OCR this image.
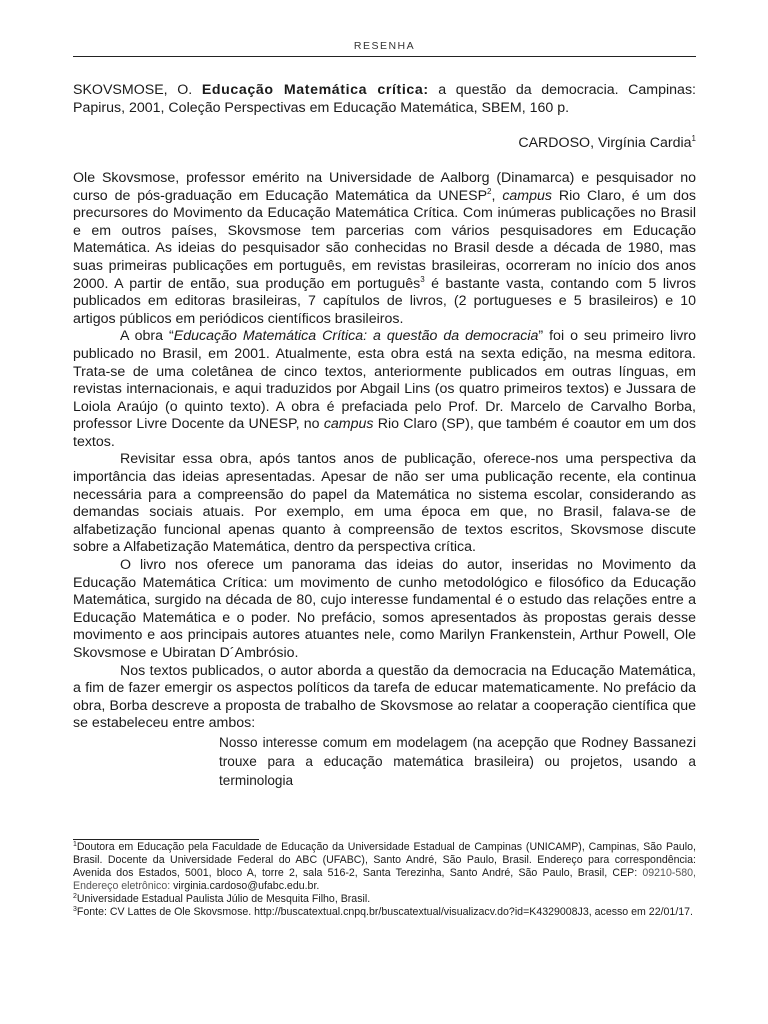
RESENHA

SKOVSMOSE, O. Educação Matemática crítica: a questão da democracia. Campinas: Papirus, 2001, Coleção Perspectivas em Educação Matemática, SBEM, 160 p.

CARDOSO, Virgínia Cardia$^1$

Ole Skovsmose, professor emérito na Universidade de Aalborg (Dinamarca) e pesquisador no curso de pós-graduação em Educação Matemática da UNESP$^2$, campus Rio Claro, é um dos precursores do Movimento da Educação Matemática Crítica. Com inúmeras publicações no Brasil e em outros países, Skovsmose tem parcerias com vários pesquisadores em Educação Matemática. As ideias do pesquisador são conhecidas no Brasil desde a década de 1980, mas suas primeiras publicações em português, em revistas brasileiras, ocorreram no início dos anos 2000. A partir de então, sua produção em português$^3$ é bastante vasta, contando com 5 livros publicados em editoras brasileiras, 7 capítulos de livros, (2 portugueses e 5 brasileiros) e 10 artigos públicos em periódicos científicos brasileiros.

A obra “Educação Matemática Crítica: a questão da democracia” foi o seu primeiro livro publicado no Brasil, em 2001. Atualmente, esta obra está na sexta edição, na mesma editora. Trata-se de uma coletânea de cinco textos, anteriormente publicados em outras línguas, em revistas internacionais, e aqui traduzidos por Abgail Lins (os quatro primeiros textos) e Jussara de Loiola Araújo (o quinto texto). A obra é prefaciada pelo Prof. Dr. Marcelo de Carvalho Borba, professor Livre Docente da UNESP, no campus Rio Claro (SP), que também é coautor em um dos textos.

Revisitar essa obra, após tantos anos de publicação, oferece-nos uma perspectiva da importância das ideias apresentadas. Apesar de não ser uma publicação recente, ela continua necessária para a compreensão do papel da Matemática no sistema escolar, considerando as demandas sociais atuais. Por exemplo, em uma época em que, no Brasil, falava-se de alfabetização funcional apenas quanto à compreensão de textos escritos, Skovsmose discute sobre a Alfabetização Matemática, dentro da perspectiva crítica.

O livro nos oferece um panorama das ideias do autor, inseridas no Movimento da Educação Matemática Crítica: um movimento de cunho metodológico e filosófico da Educação Matemática, surgido na década de 80, cujo interesse fundamental é o estudo das relações entre a Educação Matemática e o poder. No prefácio, somos apresentados às propostas gerais desse movimento e aos principais autores atuantes nele, como Marilyn Frankenstein, Arthur Powell, Ole Skovsmose e Ubiratan D´Ambrósio.

Nos textos publicados, o autor aborda a questão da democracia na Educação Matemática, a fim de fazer emergir os aspectos políticos da tarefa de educar matematicamente. No prefácio da obra, Borba descreve a proposta de trabalho de Skovsmose ao relatar a cooperação científica que se estabeleceu entre ambos:

Nosso interesse comum em modelagem (na acepção que Rodney Bassanezi trouxe para a educação matemática brasileira) ou projetos, usando a terminologia

$^1$Doutora em Educação pela Faculdade de Educação da Universidade Estadual de Campinas (UNICAMP), Campinas, São Paulo, Brasil. Docente da Universidade Federal do ABC (UFABC), Santo André, São Paulo, Brasil. Endereço para correspondência: Avenida dos Estados, 5001, bloco A, torre 2, sala 516-2, Santa Terezinha, Santo André, São Paulo, Brasil, CEP: 09210-580, Endereço eletrônico: virginia.cardoso@ufabc.edu.br.

$^2$Universidade Estadual Paulista Júlio de Mesquita Filho, Brasil.

$^3$Fonte: CV Lattes de Ole Skovsmose. http://buscatextual.cnpq.br/buscatextual/visualizacv.do?id=K4329008J3, acesso em 22/01/17.
